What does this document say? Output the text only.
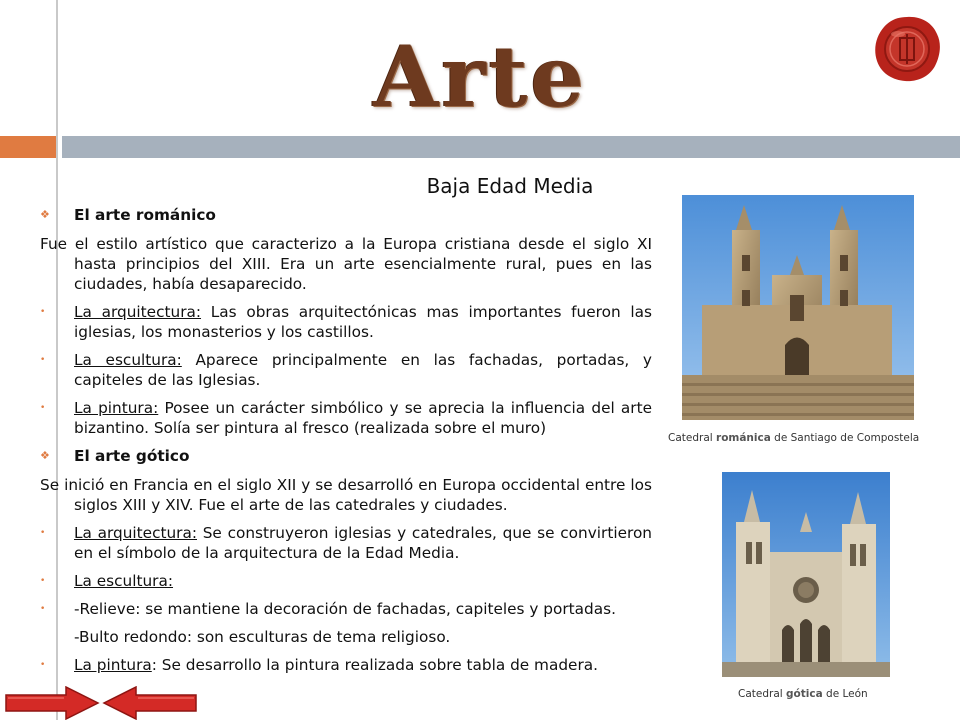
Arte
Baja Edad Media
❖ El arte románico
Fue el estilo artístico que caracterizo a la Europa cristiana desde el siglo XI hasta principios del XIII. Era un arte esencialmente rural, pues en las ciudades, había desaparecido.
•	La arquitectura: Las obras arquitectónicas mas importantes fueron las iglesias, los monasterios y los castillos.
•	La escultura: Aparece principalmente en las fachadas, portadas, y capiteles de las Iglesias.
•	La pintura: Posee un carácter simbólico y se aprecia la influencia del arte bizantino. Solía ser pintura al fresco (realizada sobre el muro)
❖ El arte gótico
Se inició en Francia en el siglo XII y se desarrolló en Europa occidental entre los siglos XIII y XIV. Fue el arte de las catedrales y ciudades.
•	La arquitectura: Se construyeron iglesias y catedrales, que se convirtieron en el símbolo de la arquitectura de la Edad Media.
•	La escultura:
•	-Relieve: se mantiene la decoración de fachadas, capiteles y portadas.
-Bulto redondo: son esculturas de tema religioso.
•	La pintura: Se desarrollo la pintura realizada sobre tabla de madera.
Catedral románica de Santiago de Compostela
Catedral gótica de León
